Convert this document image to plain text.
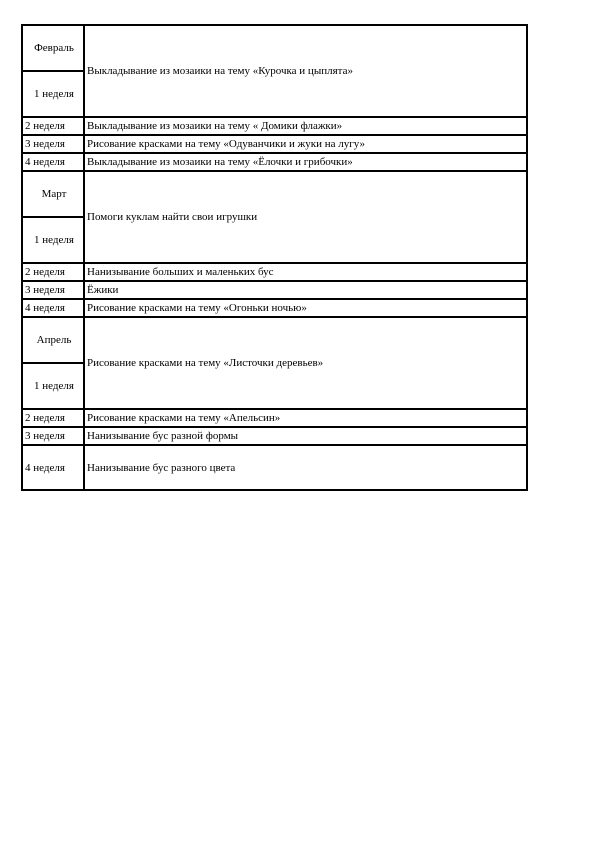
Февраль	Выкладывание из мозаики на тему «Курочка и цыплята»
1 неделя	
2 неделя	Выкладывание из мозаики на тему « Домики флажки»
3 неделя	Рисование красками на тему «Одуванчики и жуки на лугу»
4 неделя	Выкладывание из мозаики на тему «Ёлочки и грибочки»
Март	Помоги куклам найти свои игрушки
1 неделя	
2 неделя	Нанизывание больших и маленьких бус
3 неделя	Ёжики
4 неделя	Рисование красками на тему «Огоньки ночью»
Апрель	Рисование красками на тему «Листочки деревьев»
1 неделя	
2 неделя	Рисование красками на тему «Апельсин»
3 неделя	Нанизывание бус разной формы
4 неделя	Нанизывание бус разного цвета
